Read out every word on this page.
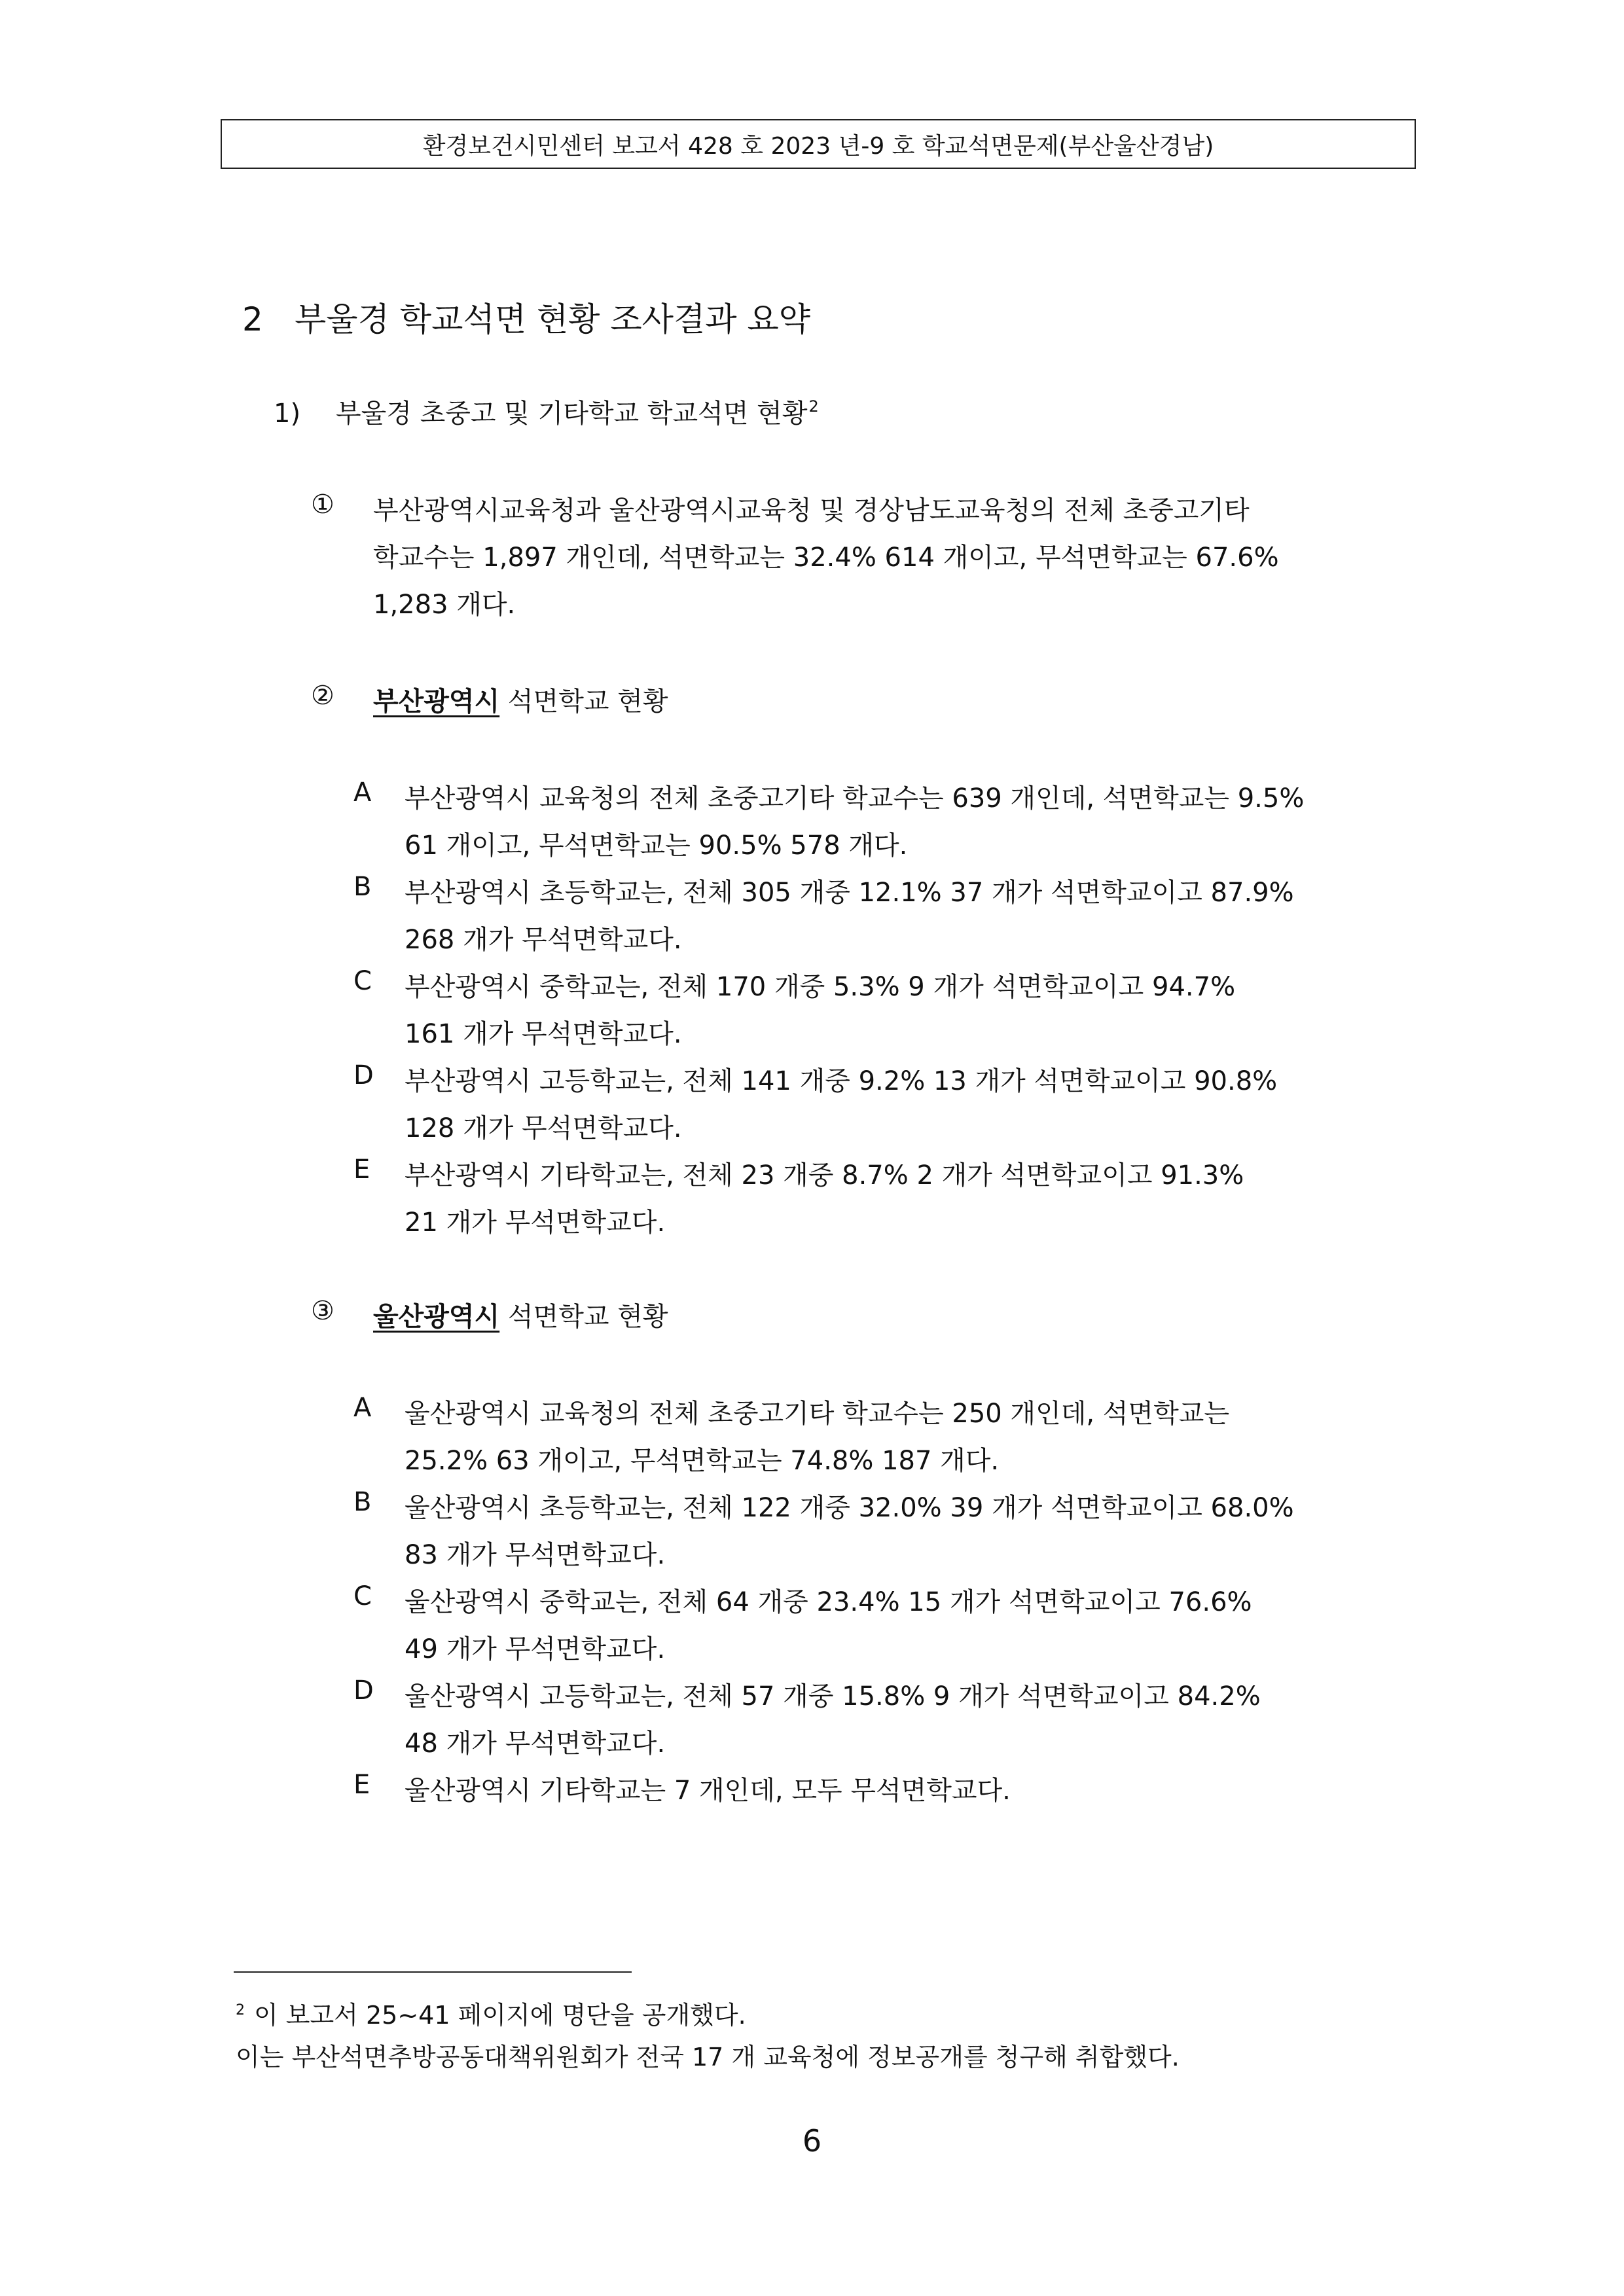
환경보건시민센터 보고서 428 호 2023 년-9 호 학교석면문제(부산울산경남)
2 부울경 학교석면 현황 조사결과 요약
1) 부울경 초중고 및 기타학교 학교석면 현황$^2$
① 부산광역시교육청과 울산광역시교육청 및 경상남도교육청의 전체 초중고기타
학교수는 1,897 개인데, 석면학교는 32.4% 614 개이고, 무석면학교는 67.6%
1,283 개다.
② 부산광역시 석면학교 현황
A 부산광역시 교육청의 전체 초중고기타 학교수는 639 개인데, 석면학교는 9.5%
61 개이고, 무석면학교는 90.5% 578 개다.
B 부산광역시 초등학교는, 전체 305 개중 12.1% 37 개가 석면학교이고 87.9%
268 개가 무석면학교다.
C 부산광역시 중학교는, 전체 170 개중 5.3% 9 개가 석면학교이고 94.7%
161 개가 무석면학교다.
D 부산광역시 고등학교는, 전체 141 개중 9.2% 13 개가 석면학교이고 90.8%
128 개가 무석면학교다.
E 부산광역시 기타학교는, 전체 23 개중 8.7% 2 개가 석면학교이고 91.3%
21 개가 무석면학교다.
③ 울산광역시 석면학교 현황
A 울산광역시 교육청의 전체 초중고기타 학교수는 250 개인데, 석면학교는
25.2% 63 개이고, 무석면학교는 74.8% 187 개다.
B 울산광역시 초등학교는, 전체 122 개중 32.0% 39 개가 석면학교이고 68.0%
83 개가 무석면학교다.
C 울산광역시 중학교는, 전체 64 개중 23.4% 15 개가 석면학교이고 76.6%
49 개가 무석면학교다.
D 울산광역시 고등학교는, 전체 57 개중 15.8% 9 개가 석면학교이고 84.2%
48 개가 무석면학교다.
E 울산광역시 기타학교는 7 개인데, 모두 무석면학교다.
$^2$ 이 보고서 25~41 페이지에 명단을 공개했다.
이는 부산석면추방공동대책위원회가 전국 17 개 교육청에 정보공개를 청구해 취합했다.
6
